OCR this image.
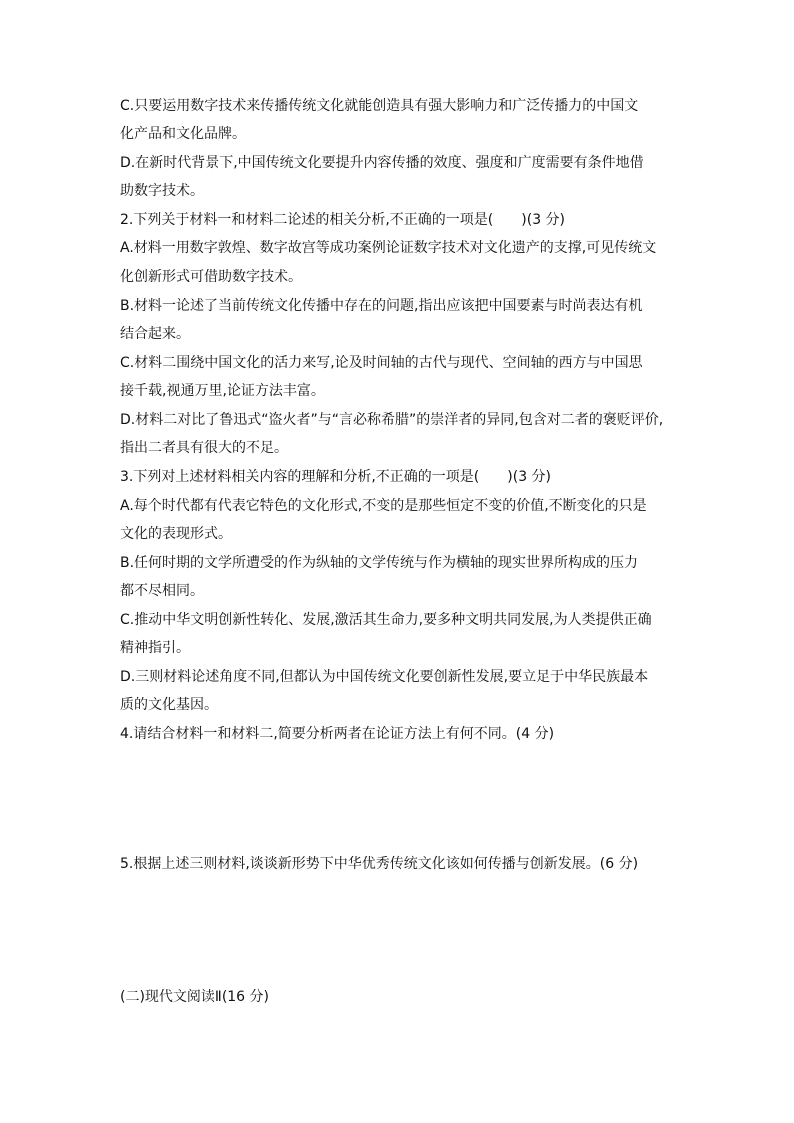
C.只要运用数字技术来传播传统文化就能创造具有强大影响力和广泛传播力的中国文
化产品和文化品牌。
D.在新时代背景下,中国传统文化要提升内容传播的效度、强度和广度需要有条件地借
助数字技术。
2.下列关于材料一和材料二论述的相关分析,不正确的一项是(　　)(3 分)
A.材料一用数字敦煌、数字故宫等成功案例论证数字技术对文化遗产的支撑,可见传统文
化创新形式可借助数字技术。
B.材料一论述了当前传统文化传播中存在的问题,指出应该把中国要素与时尚表达有机
结合起来。
C.材料二围绕中国文化的活力来写,论及时间轴的古代与现代、空间轴的西方与中国思
接千载,视通万里,论证方法丰富。
D.材料二对比了鲁迅式“盗火者”与“言必称希腊”的崇洋者的异同,包含对二者的褒贬评价,
指出二者具有很大的不足。
3.下列对上述材料相关内容的理解和分析,不正确的一项是(　　)(3 分)
A.每个时代都有代表它特色的文化形式,不变的是那些恒定不变的价值,不断变化的只是
文化的表现形式。
B.任何时期的文学所遭受的作为纵轴的文学传统与作为横轴的现实世界所构成的压力
都不尽相同。
C.推动中华文明创新性转化、发展,激活其生命力,要多种文明共同发展,为人类提供正确
精神指引。
D.三则材料论述角度不同,但都认为中国传统文化要创新性发展,要立足于中华民族最本
质的文化基因。
4.请结合材料一和材料二,简要分析两者在论证方法上有何不同。(4 分)
5.根据上述三则材料,谈谈新形势下中华优秀传统文化该如何传播与创新发展。(6 分)
(二)现代文阅读Ⅱ(16 分)
